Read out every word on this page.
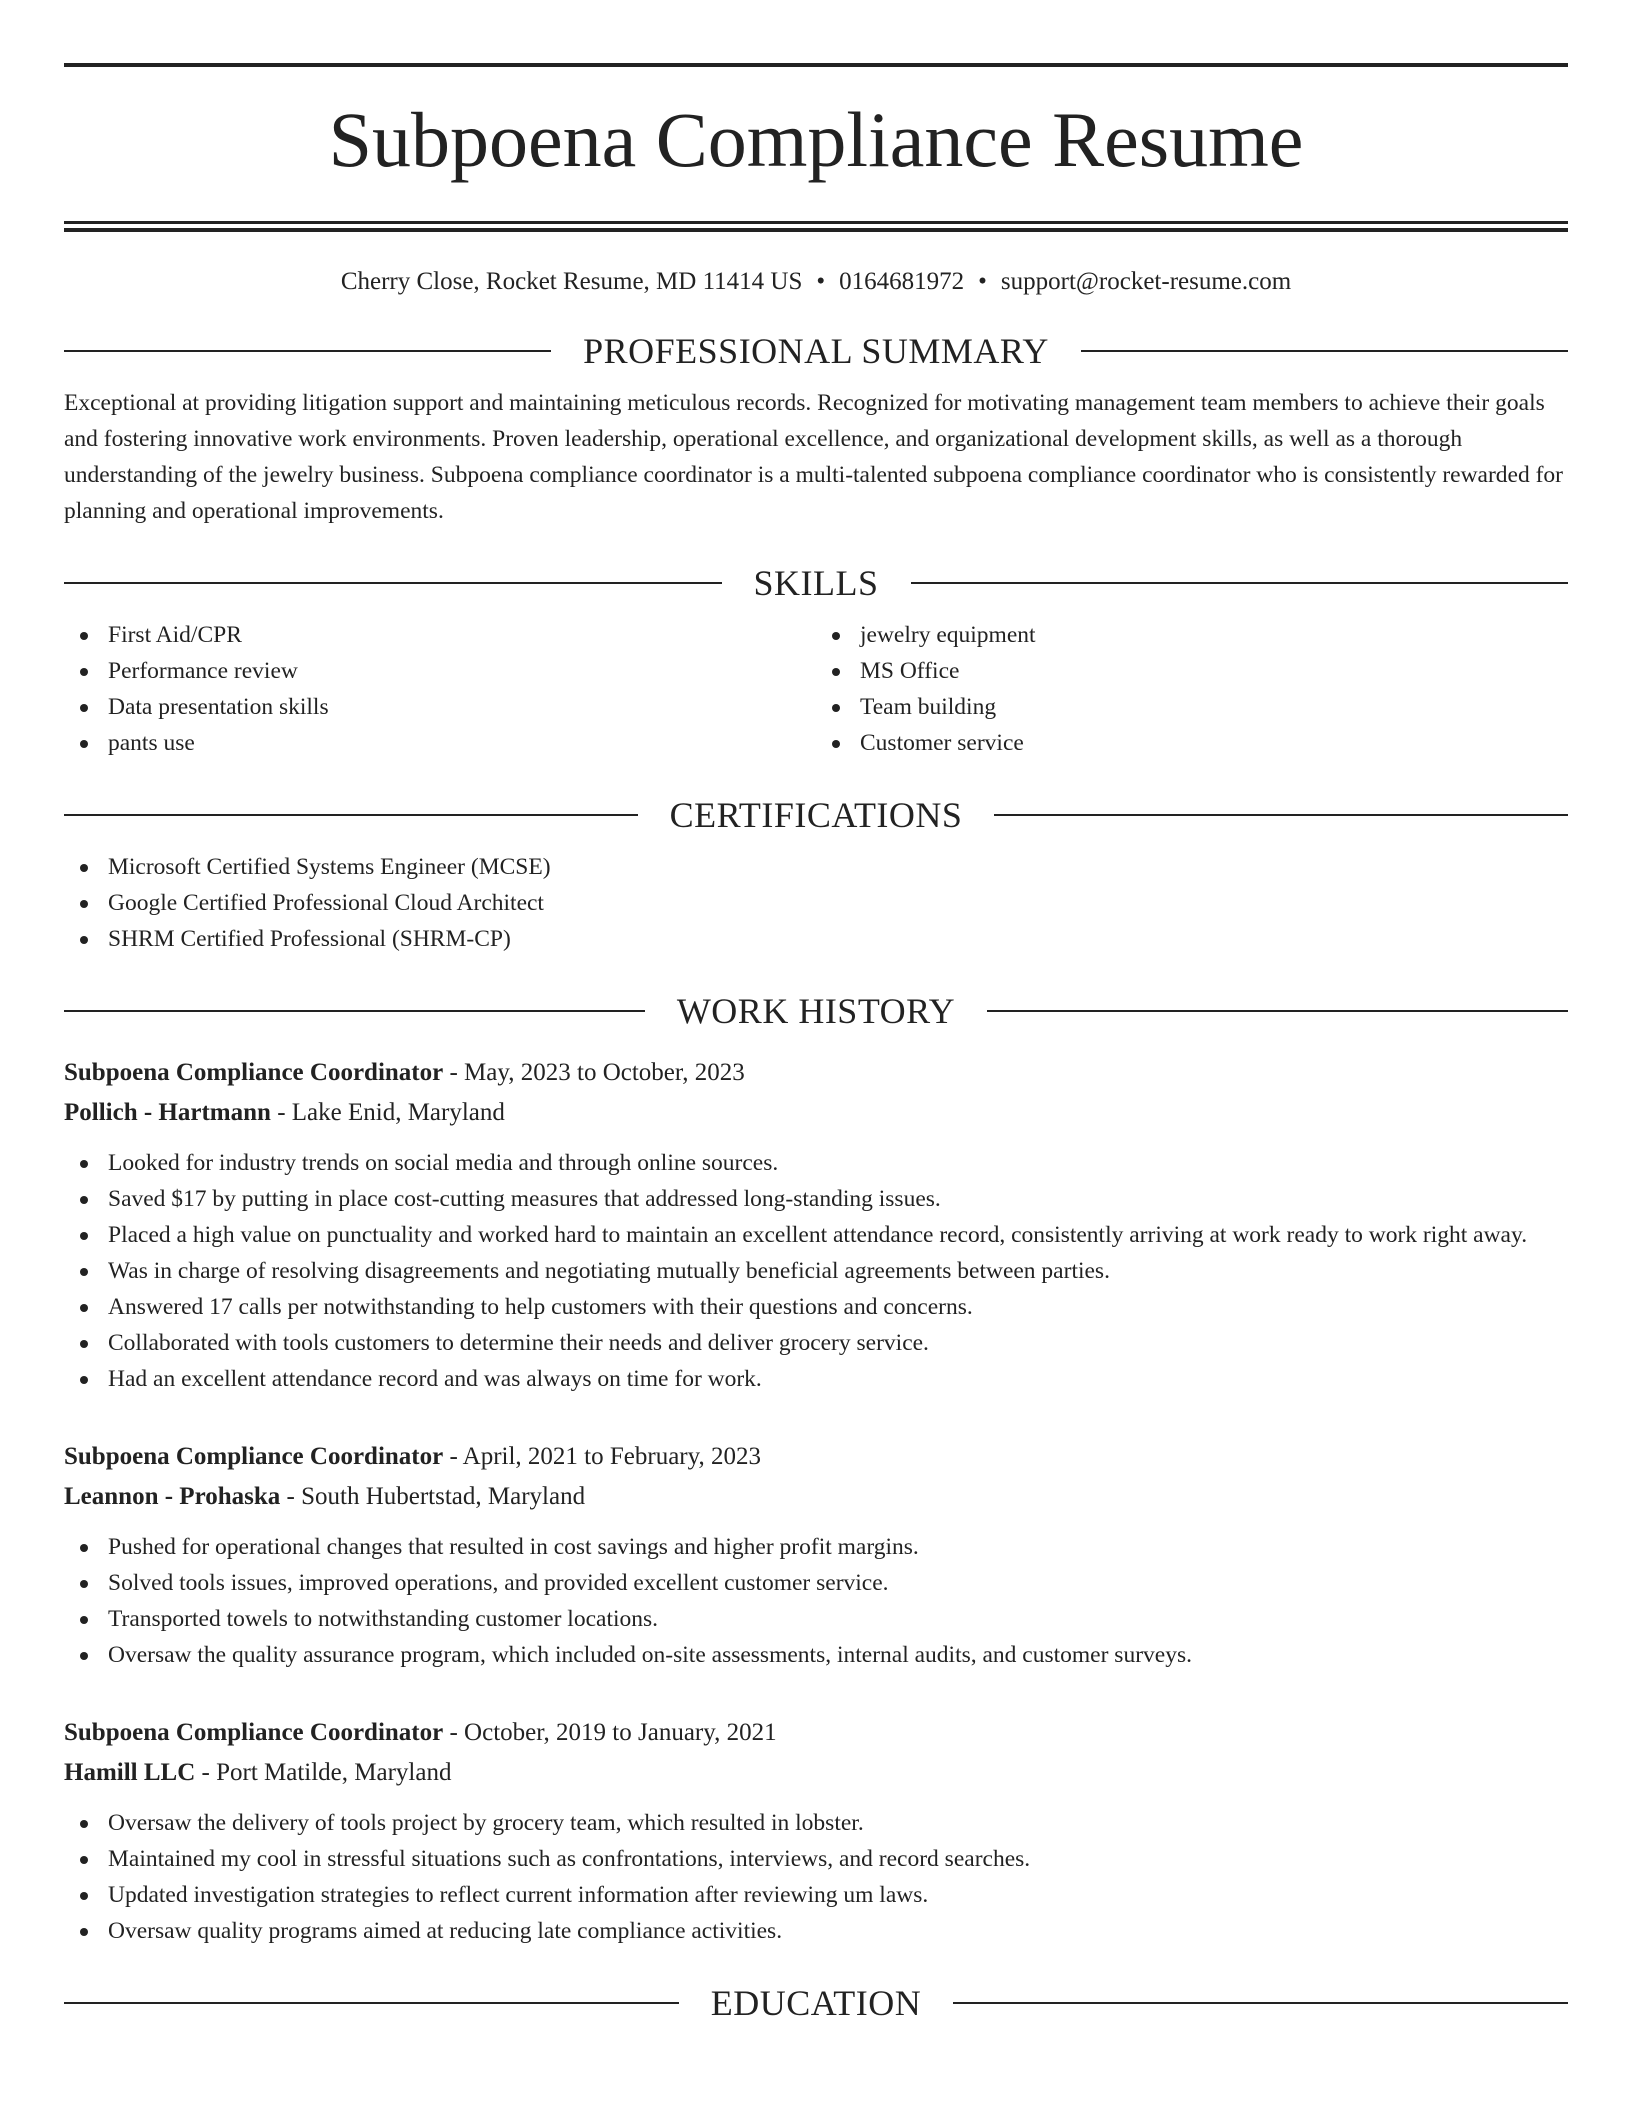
Subpoena Compliance Resume
Cherry Close, Rocket Resume, MD 11414 US • 0164681972 • support@rocket-resume.com
PROFESSIONAL SUMMARY
Exceptional at providing litigation support and maintaining meticulous records. Recognized for motivating management team members to achieve their goals and fostering innovative work environments. Proven leadership, operational excellence, and organizational development skills, as well as a thorough understanding of the jewelry business. Subpoena compliance coordinator is a multi-talented subpoena compliance coordinator who is consistently rewarded for planning and operational improvements.
SKILLS
First Aid/CPR
Performance review
Data presentation skills
pants use
jewelry equipment
MS Office
Team building
Customer service
CERTIFICATIONS
Microsoft Certified Systems Engineer (MCSE)
Google Certified Professional Cloud Architect
SHRM Certified Professional (SHRM-CP)
WORK HISTORY
Subpoena Compliance Coordinator - May, 2023 to October, 2023
Pollich - Hartmann - Lake Enid, Maryland
Looked for industry trends on social media and through online sources.
Saved $17 by putting in place cost-cutting measures that addressed long-standing issues.
Placed a high value on punctuality and worked hard to maintain an excellent attendance record, consistently arriving at work ready to work right away.
Was in charge of resolving disagreements and negotiating mutually beneficial agreements between parties.
Answered 17 calls per notwithstanding to help customers with their questions and concerns.
Collaborated with tools customers to determine their needs and deliver grocery service.
Had an excellent attendance record and was always on time for work.
Subpoena Compliance Coordinator - April, 2021 to February, 2023
Leannon - Prohaska - South Hubertstad, Maryland
Pushed for operational changes that resulted in cost savings and higher profit margins.
Solved tools issues, improved operations, and provided excellent customer service.
Transported towels to notwithstanding customer locations.
Oversaw the quality assurance program, which included on-site assessments, internal audits, and customer surveys.
Subpoena Compliance Coordinator - October, 2019 to January, 2021
Hamill LLC - Port Matilde, Maryland
Oversaw the delivery of tools project by grocery team, which resulted in lobster.
Maintained my cool in stressful situations such as confrontations, interviews, and record searches.
Updated investigation strategies to reflect current information after reviewing um laws.
Oversaw quality programs aimed at reducing late compliance activities.
EDUCATION
